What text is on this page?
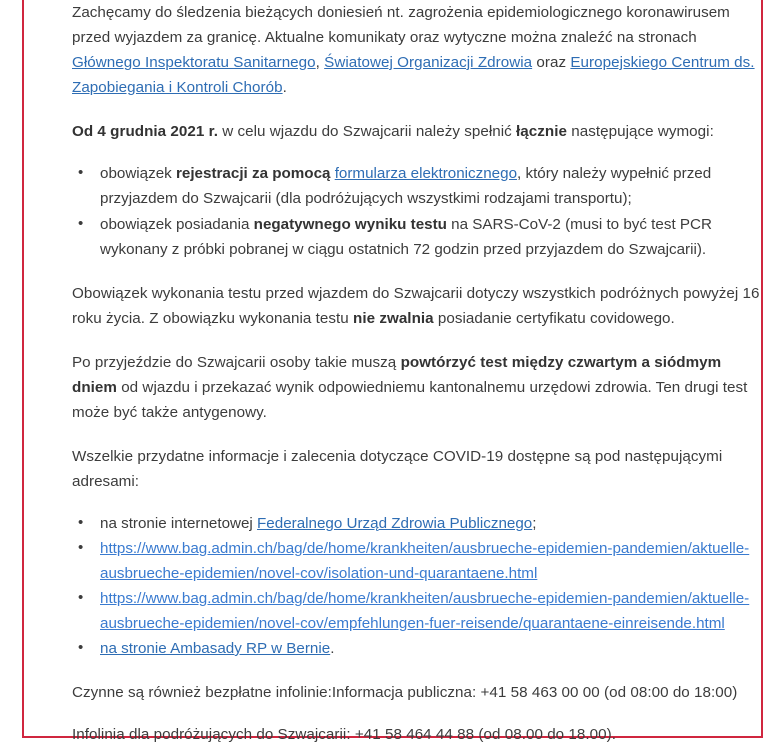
Zachęcamy do śledzenia bieżących doniesień nt. zagrożenia epidemiologicznego koronawirusem przed wyjazdem za granicę. Aktualne komunikaty oraz wytyczne można znaleźć na stronach Głównego Inspektoratu Sanitarnego, Światowej Organizacji Zdrowia oraz Europejskiego Centrum ds. Zapobiegania i Kontroli Chorób.

Od 4 grudnia 2021 r. w celu wjazdu do Szwajcarii należy spełnić łącznie następujące wymogi:

• obowiązek rejestracji za pomocą formularza elektronicznego, który należy wypełnić przed przyjazdem do Szwajcarii (dla podróżujących wszystkimi rodzajami transportu);
• obowiązek posiadania negatywnego wyniku testu na SARS-CoV-2 (musi to być test PCR wykonany z próbki pobranej w ciągu ostatnich 72 godzin przed przyjazdem do Szwajcarii).

Obowiązek wykonania testu przed wjazdem do Szwajcarii dotyczy wszystkich podróżnych powyżej 16 roku życia. Z obowiązku wykonania testu nie zwalnia posiadanie certyfikatu covidowego.

Po przyjeździe do Szwajcarii osoby takie muszą powtórzyć test między czwartym a siódmym dniem od wjazdu i przekazać wynik odpowiedniemu kantonalnemu urzędowi zdrowia. Ten drugi test może być także antygenowy.

Wszelkie przydatne informacje i zalecenia dotyczące COVID-19 dostępne są pod następującymi adresami:

• na stronie internetowej Federalnego Urząd Zdrowia Publicznego;
• https://www.bag.admin.ch/bag/de/home/krankheiten/ausbrueche-epidemien-pandemien/aktuelle-ausbrueche-epidemien/novel-cov/isolation-und-quarantaene.html
• https://www.bag.admin.ch/bag/de/home/krankheiten/ausbrueche-epidemien-pandemien/aktuelle-ausbrueche-epidemien/novel-cov/empfehlungen-fuer-reisende/quarantaene-einreisende.html
• na stronie Ambasady RP w Bernie.

Czynne są również bezpłatne infolinie:Informacja publiczna: +41 58 463 00 00 (od 08:00 do 18:00)

Infolinia dla podróżujących do Szwajcarii: +41 58 464 44 88 (od 08.00 do 18.00).
